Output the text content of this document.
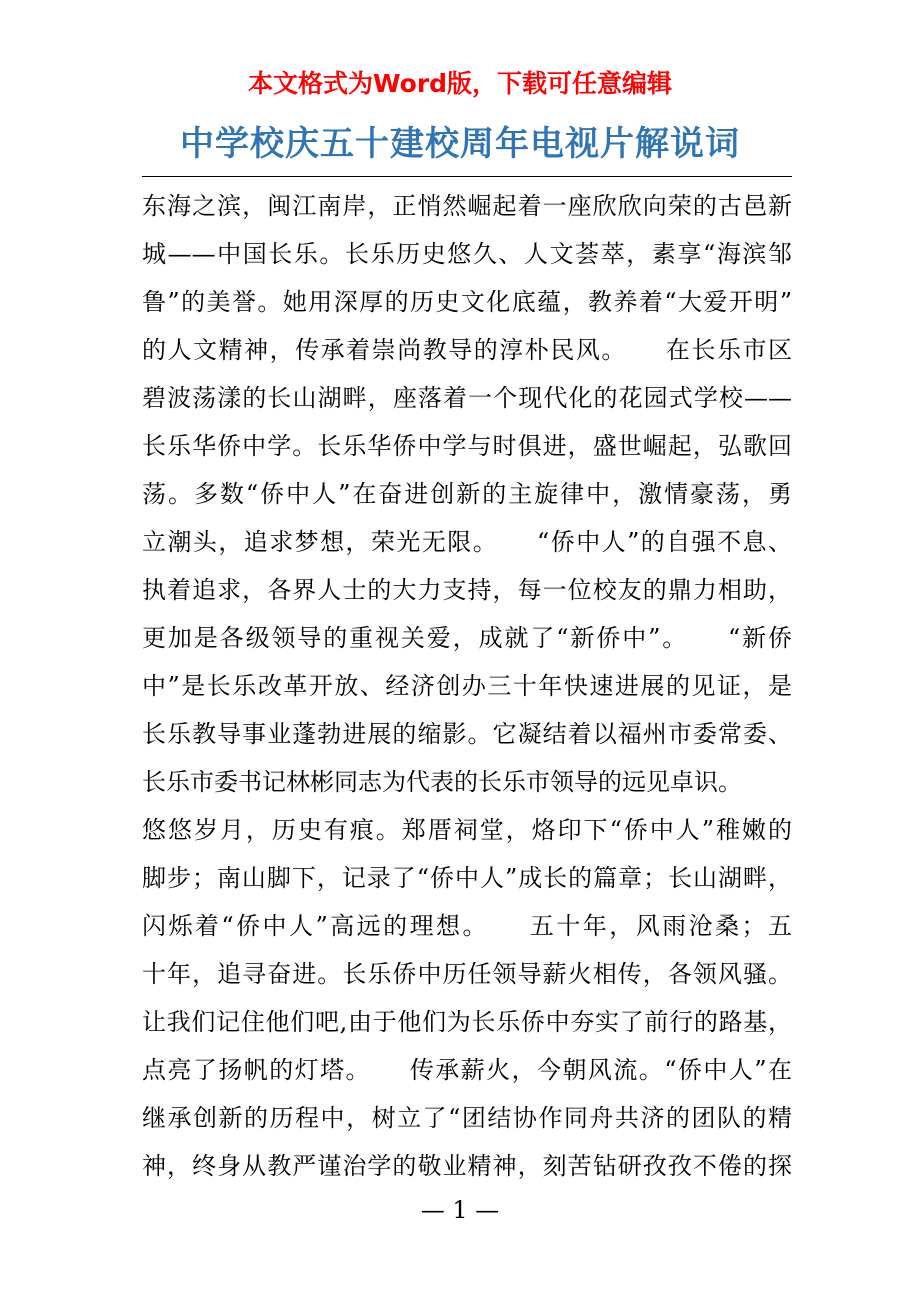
本文格式为Word版，下载可任意编辑
中学校庆五十建校周年电视片解说词
东海之滨，闽江南岸，正悄然崛起着一座欣欣向荣的古邑新
城——中国长乐。长乐历史悠久、人文荟萃，素享“海滨邹
鲁”的美誉。她用深厚的历史文化底蕴，教养着“大爱开明”
的人文精神，传承着崇尚教导的淳朴民风。　　在长乐市区
碧波荡漾的长山湖畔，座落着一个现代化的花园式学校——
长乐华侨中学。长乐华侨中学与时俱进，盛世崛起，弘歌回
荡。多数“侨中人”在奋进创新的主旋律中，激情豪荡，勇
立潮头，追求梦想，荣光无限。　　“侨中人”的自强不息、
执着追求，各界人士的大力支持，每一位校友的鼎力相助，
更加是各级领导的重视关爱，成就了“新侨中”。　　“新侨
中”是长乐改革开放、经济创办三十年快速进展的见证，是
长乐教导事业蓬勃进展的缩影。它凝结着以福州市委常委、
长乐市委书记林彬同志为代表的长乐市领导的远见卓识。
悠悠岁月，历史有痕。郑厝祠堂，烙印下“侨中人”稚嫩的
脚步；南山脚下，记录了“侨中人”成长的篇章；长山湖畔，
闪烁着“侨中人”高远的理想。　　五十年，风雨沧桑；五
十年，追寻奋进。长乐侨中历任领导薪火相传，各领风骚。
让我们记住他们吧,由于他们为长乐侨中夯实了前行的路基，
点亮了扬帆的灯塔。　　传承薪火，今朝风流。“侨中人”在
继承创新的历程中，树立了“团结协作同舟共济的团队的精
神，终身从教严谨治学的敬业精神，刻苦钻研孜孜不倦的探
— 1 —
